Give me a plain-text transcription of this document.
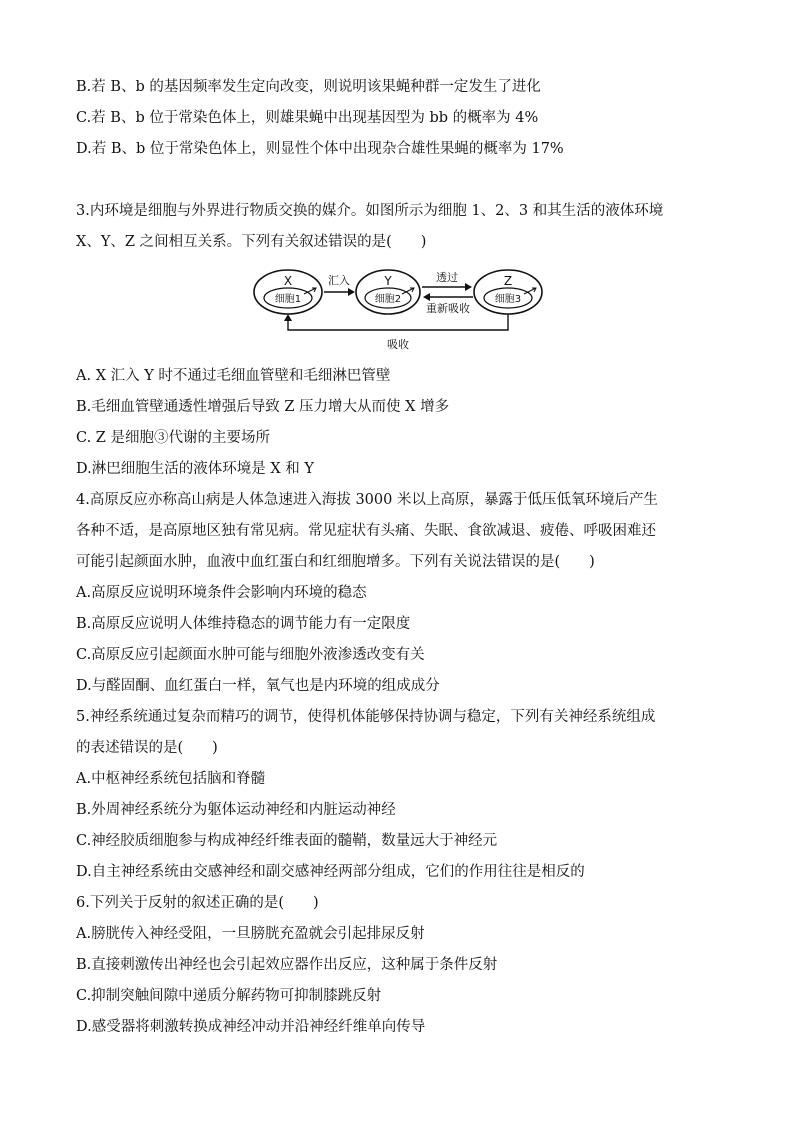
B.若 B、b 的基因频率发生定向改变，则说明该果蝇种群一定发生了进化
C.若 B、b 位于常染色体上，则雄果蝇中出现基因型为 bb 的概率为 4%
D.若 B、b 位于常染色体上，则显性个体中出现杂合雄性果蝇的概率为 17%
3.内环境是细胞与外界进行物质交换的媒介。如图所示为细胞 1、2、3 和其生活的液体环境
X、Y、Z 之间相互关系。下列有关叙述错误的是(　　)
X
细胞1
Y
细胞2
Z
细胞3
汇入	透过
重新吸收
吸收
A. X 汇入 Y 时不通过毛细血管壁和毛细淋巴管壁
B.毛细血管壁通透性增强后导致 Z 压力增大从而使 X 增多
C. Z 是细胞③代谢的主要场所
D.淋巴细胞生活的液体环境是 X 和 Y
4.高原反应亦称高山病是人体急速进入海拔 3000 米以上高原，暴露于低压低氧环境后产生
各种不适，是高原地区独有常见病。常见症状有头痛、失眠、食欲减退、疲倦、呼吸困难还
可能引起颜面水肿，血液中血红蛋白和红细胞增多。下列有关说法错误的是(　　)
A.高原反应说明环境条件会影响内环境的稳态
B.高原反应说明人体维持稳态的调节能力有一定限度
C.高原反应引起颜面水肿可能与细胞外液渗透改变有关
D.与醛固酮、血红蛋白一样，氧气也是内环境的组成成分
5.神经系统通过复杂而精巧的调节，使得机体能够保持协调与稳定，下列有关神经系统组成
的表述错误的是(　　)
A.中枢神经系统包括脑和脊髓
B.外周神经系统分为躯体运动神经和内脏运动神经
C.神经胶质细胞参与构成神经纤维表面的髓鞘，数量远大于神经元
D.自主神经系统由交感神经和副交感神经两部分组成，它们的作用往往是相反的
6.下列关于反射的叙述正确的是(　　)
A.膀胱传入神经受阻，一旦膀胱充盈就会引起排尿反射
B.直接刺激传出神经也会引起效应器作出反应，这种属于条件反射
C.抑制突触间隙中递质分解药物可抑制膝跳反射
D.感受器将刺激转换成神经冲动并沿神经纤维单向传导
